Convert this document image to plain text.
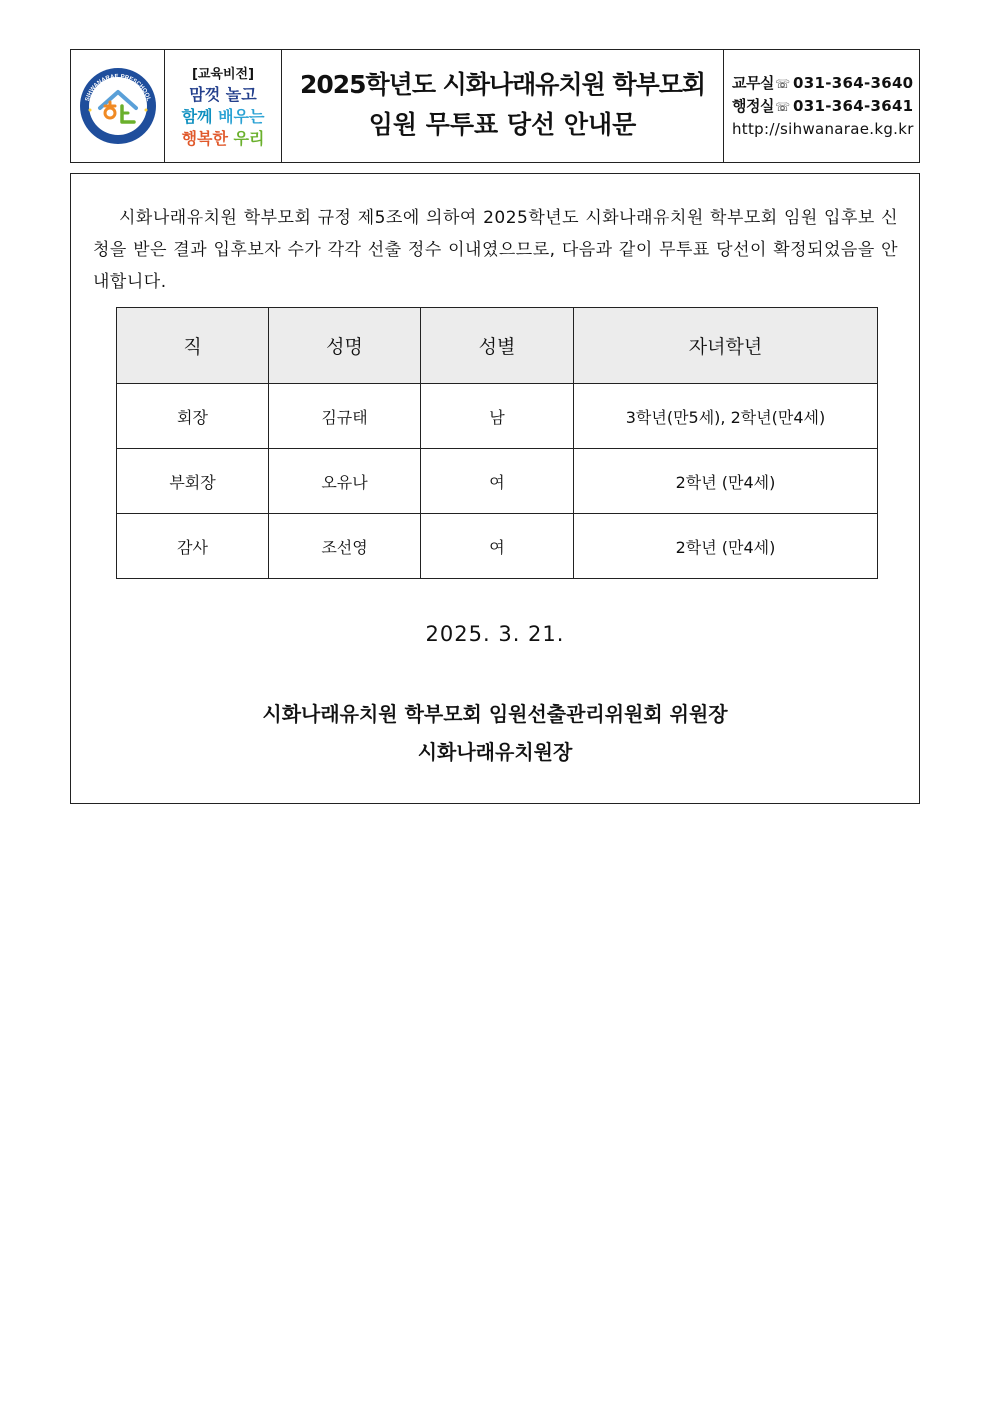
SIHWANARAE PRESCHOOL
공립 시화나래유치원
[교육비전]
맘껏 놀고
함께 배우는
행복한 우리
2025학년도 시화나래유치원 학부모회
임원 무투표 당선 안내문
교무실☏ 031-364-3640
행정실☏ 031-364-3641
http://sihwanarae.kg.kr
시화나래유치원 학부모회 규정 제5조에 의하여 2025학년도 시화나래유치원 학부모회 임원 입후보 신청을 받은 결과 입후보자 수가 각각 선출 정수 이내였으므로, 다음과 같이 무투표 당선이 확정되었음을 안내합니다.
직	성명	성별	자녀학년
회장	김규태	남	3학년(만5세), 2학년(만4세)
부회장	오유나	여	2학년 (만4세)
감사	조선영	여	2학년 (만4세)
2025. 3. 21.
시화나래유치원 학부모회 임원선출관리위원회 위원장
시화나래유치원장
